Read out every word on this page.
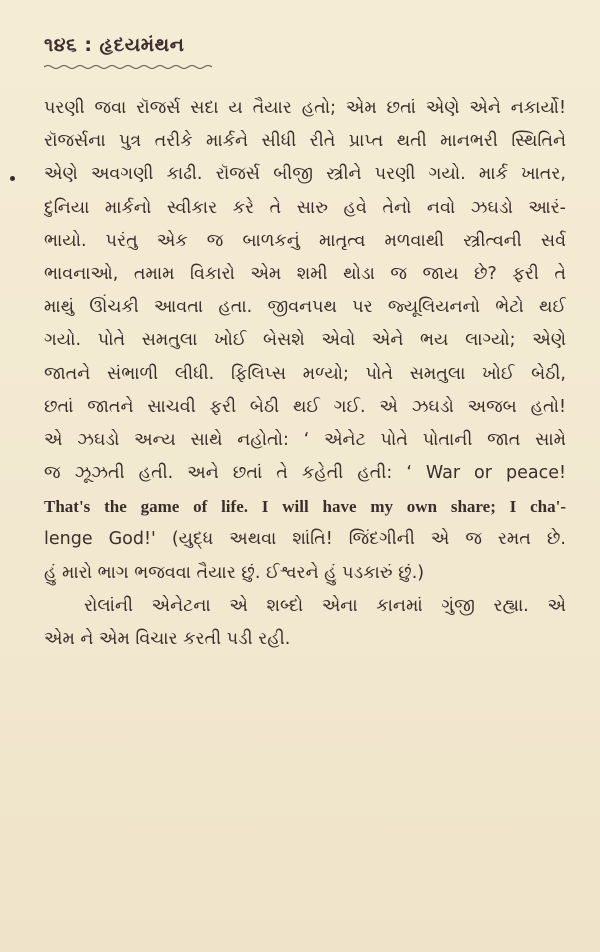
૧૪૬ : હૃદયમંથન
પરણી જવા રૉજર્સ સદા ય તૈયાર હતો; એમ છતાં એણે એને નકાર્યો!
રૉજર્સના પુત્ર તરીકે માર્કને સીધી રીતે પ્રાપ્ત થતી માનભરી સ્થિતિને
એણે અવગણી કાઢી. રૉજર્સ બીજી સ્ત્રીને પરણી ગયો. માર્ક ખાતર,
દુનિયા માર્કનો સ્વીકાર કરે તે સારુ હવે તેનો નવો ઝઘડો આરં-
ભાયો. પરંતુ એક જ બાળકનું માતૃત્વ મળવાથી સ્ત્રીત્વની સર્વ
ભાવનાઓ, તમામ વિકારો એમ શમી થોડા જ જાય છે? ફરી તે
માથું ઊંચકી આવતા હતા. જીવનપથ પર જ્યૂલિયનનો ભેટો થઈ
ગયો. પોતે સમતુલા ખોઈ બેસશે એવો એને ભય લાગ્યો; એણે
જાતને સંભાળી લીધી. ફિલિપ્સ મળ્યો; પોતે સમતુલા ખોઈ બેઠી,
છતાં જાતને સાચવી ફરી બેઠી થઈ ગઈ. એ ઝઘડો અજબ હતો!
એ ઝઘડો અન્ય સાથે નહોતો: ‘ એનેટ પોતે પોતાની જાત સામે
જ ઝૂઝતી હતી. અને છતાં તે કહેતી હતી: ‘ War or peace!
That's the game of life. I will have my own share; I cha'-
lenge God!' (યુદ્ધ અથવા શાંતિ! જિંદગીની એ જ રમત છે.
હું મારો ભાગ ભજવવા તૈયાર છું. ઈશ્વરને હું પડકારું છું.)
રોલાંની એનેટના એ શબ્દો એના કાનમાં ગુંજી રહ્યા. એ
એમ ને એમ વિચાર કરતી પડી રહી.
